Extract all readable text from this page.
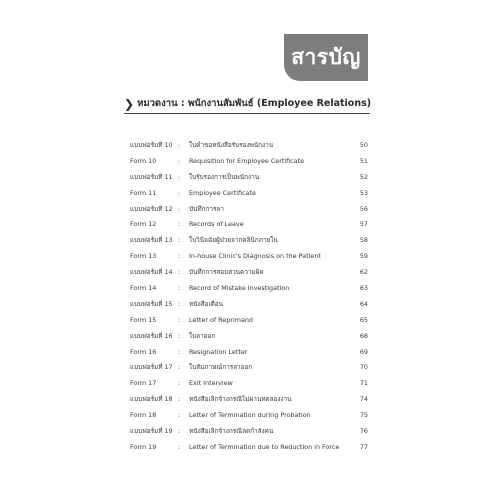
สารบัญ
❯ หมวดงาน : พนักงานสัมพันธ์ (Employee Relations)
แบบฟอร์มที่ 10 : ใบคำขอหนังสือรับรองพนักงาน	50
Form 10	: Requisition for Employee Certificate	51
แบบฟอร์มที่ 11 : ใบรับรองการเป็นพนักงาน	52
Form 11	: Employee Certificate	53
แบบฟอร์มที่ 12 : บันทึกการลา	56
Form 12	: Records of Leave	57
แบบฟอร์มที่ 13 : ใบวินิจฉัยผู้ป่วยจากคลินิกภายใน	58
Form 13	: In-house Clinic's Diagnosis on the Patient	59
แบบฟอร์มที่ 14 : บันทึกการสอบสวนความผิด	62
Form 14	: Record of Mistake Investigation	63
แบบฟอร์มที่ 15 : หนังสือเตือน	64
Form 15	: Letter of Reprimand	65
แบบฟอร์มที่ 16 : ใบลาออก	68
Form 16	: Resignation Letter	69
แบบฟอร์มที่ 17 : ใบสัมภาษณ์การลาออก	70
Form 17	: Exit Interview	71
แบบฟอร์มที่ 18 : หนังสือเลิกจ้างกรณีไม่ผ่านทดลองงาน	74
Form 18	: Letter of Termination during Probation	75
แบบฟอร์มที่ 19 : หนังสือเลิกจ้างกรณีลดกำลังคน	76
Form 19	: Letter of Termination due to Reduction in Force	77
